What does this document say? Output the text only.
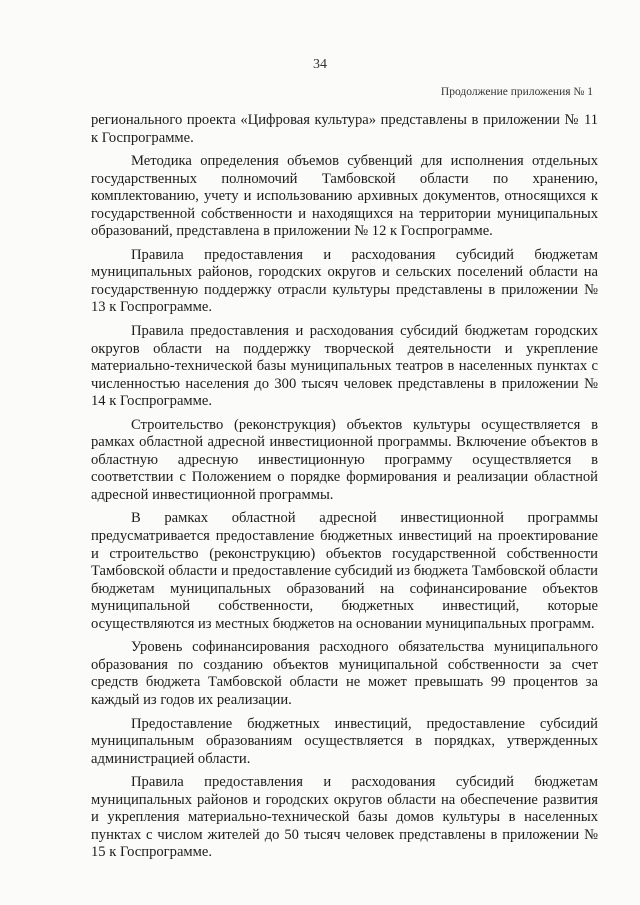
34
Продолжение приложения № 1

регионального проекта «Цифровая культура» представлены в приложении № 11 к Госпрограмме.

Методика определения объемов субвенций для исполнения отдельных государственных полномочий Тамбовской области по хранению, комплектованию, учету и использованию архивных документов, относящихся к государственной собственности и находящихся на территории муниципальных образований, представлена в приложении № 12 к Госпрограмме.

Правила предоставления и расходования субсидий бюджетам муниципальных районов, городских округов и сельских поселений области на государственную поддержку отрасли культуры представлены в приложении № 13 к Госпрограмме.

Правила предоставления и расходования субсидий бюджетам городских округов области на поддержку творческой деятельности и укрепление материально-технической базы муниципальных театров в населенных пунктах с численностью населения до 300 тысяч человек представлены в приложении № 14 к Госпрограмме.

Строительство (реконструкция) объектов культуры осуществляется в рамках областной адресной инвестиционной программы. Включение объектов в областную адресную инвестиционную программу осуществляется в соответствии с Положением о порядке формирования и реализации областной адресной инвестиционной программы.

В рамках областной адресной инвестиционной программы предусматривается предоставление бюджетных инвестиций на проектирование и строительство (реконструкцию) объектов государственной собственности Тамбовской области и предоставление субсидий из бюджета Тамбовской области бюджетам муниципальных образований на софинансирование объектов муниципальной собственности, бюджетных инвестиций, которые осуществляются из местных бюджетов на основании муниципальных программ.

Уровень софинансирования расходного обязательства муниципального образования по созданию объектов муниципальной собственности за счет средств бюджета Тамбовской области не может превышать 99 процентов за каждый из годов их реализации.

Предоставление бюджетных инвестиций, предоставление субсидий муниципальным образованиям осуществляется в порядках, утвержденных администрацией области.

Правила предоставления и расходования субсидий бюджетам муниципальных районов и городских округов области на обеспечение развития и укрепления материально-технической базы домов культуры в населенных пунктах с числом жителей до 50 тысяч человек представлены в приложении № 15 к Госпрограмме.
